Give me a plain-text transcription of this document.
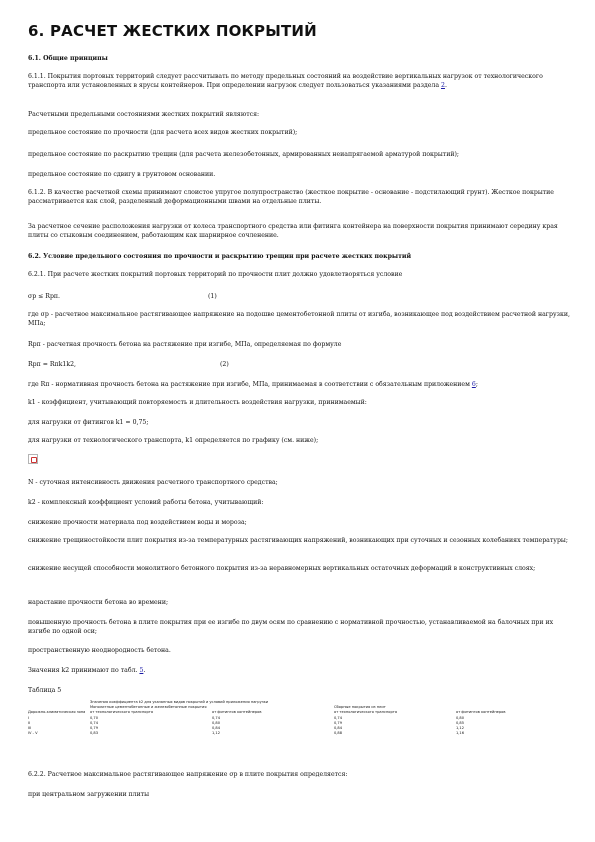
6. РАСЧЕТ ЖЕСТКИХ ПОКРЫТИЙ

6.1. Общие принципы

6.1.1. Покрытия портовых территорий следует рассчитывать по методу предельных состояний на воздействие вертикальных нагрузок от технологического транспорта или установленных в ярусы контейнеров. При определении нагрузок следует пользоваться указаниями раздела 2.

Расчетными предельными состояниями жестких покрытий являются:

предельное состояние по прочности (для расчета всех видов жестких покрытий);

предельное состояние по раскрытию трещин (для расчета железобетонных, армированных неиапрягаемой арматурой покрытий);

предельное состояние по сдвигу в грунтовом основании.

6.1.2. В качестве расчетной схемы принимают слоистое упругое полупространство (жесткое покрытие - основание - подстилающий грунт). Жесткое покрытие рассматривается как слой, разделенный деформационными швами на отдельные плиты.

За расчетное сечение расположения нагрузки от колеса транспортного средства или фитинга контейнера на поверхности покрытия принимают середину края плиты со стыковым соединением, работающим как шарнирное сочленение.

6.2. Условие предельного состояния по прочности и раскрытию трещин при расчете жестких покрытий

6.2.1. При расчете жестких покрытий портовых территорий по прочности плит должно удовлетворяться условие

σр ≤ Rрп.	(1)

где σр - расчетное максимальное растягивающее напряжение на подошве цементобетонной плиты от изгиба, возникающее под воздействием расчетной нагрузки, МПа;

Rрп - расчетная прочность бетона на растяжение при изгибе, МПа, определяемая по формуле

Rрп = Rпk1k2,	(2)

где Rп - нормативная прочность бетона на растяжение при изгибе, МПа, принимаемая в соответствии с обязательным приложением 6;

k1 - коэффициент, учитывающий повторяемость и длительность воздействия нагрузки, принимаемый:

для нагрузки от фитингов k1 = 0,75;

для нагрузки от технологического транспорта, k1 определяется по графику (см. ниже);

N - суточная интенсивность движения расчетного транспортного средства;

k2 - комплексный коэффициент условий работы бетона, учитывающий:

снижение прочности материала под воздействием воды и мороза;

снижение трещиностойкости плит покрытия из-за температурных растягивающих напряжений, возникающих при суточных и сезонных колебаниях температуры;

снижение несущей способности монолитного бетонного покрытия из-за неравномерных вертикальных остаточных деформаций в конструктивных слоях;

нарастание прочности бетона во времени;

повышенную прочность бетона в плите покрытия при ее изгибе по двум осям по сравнению с нормативной прочностью, устанавливаемой на балочных при их изгибе по одной оси;

пространственную неоднородность бетона.

Значения k2 принимают по табл. 5.

Таблица 5

Дорожно-климатическая зона	Значения коэффициента k2 для указанных видов покрытий и условий приложения нагрузки			
	Монолитные цементобетонные и железобетонные покрытия		Сборные покрытия из плит	
	от технологического транспорта	от фитингов контейнеров	от технологического транспорта	от фитингов контейнеров
I	0,70	0,74	0,74	0,80
II	0,74	0,80	0,79	0,85
III	0,79	0,84	0,84	1,12
IV - V	0,83	1,12	0,88	1,16

6.2.2. Расчетное максимальное растягивающее напряжение σр в плите покрытия определяется:

при центральном загружении плиты
